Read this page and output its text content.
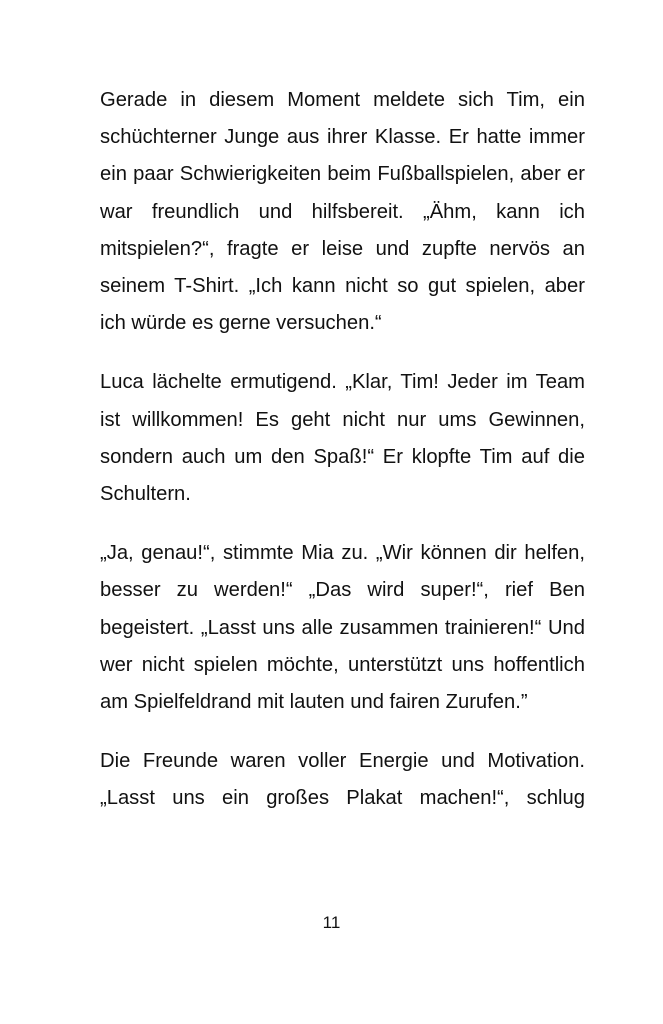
Gerade in diesem Moment meldete sich Tim, ein schüchterner Junge aus ihrer Klasse. Er hatte immer ein paar Schwierigkeiten beim Fußballspielen, aber er war freundlich und hilfsbereit. „Ähm, kann ich mitspielen?“, fragte er leise und zupfte nervös an seinem T-Shirt. „Ich kann nicht so gut spielen, aber ich würde es gerne versuchen.“

Luca lächelte ermutigend. „Klar, Tim! Jeder im Team ist willkommen! Es geht nicht nur ums Gewinnen, sondern auch um den Spaß!“ Er klopfte Tim auf die Schultern.

„Ja, genau!“, stimmte Mia zu. „Wir können dir helfen, besser zu werden!“ „Das wird super!“, rief Ben begeistert. „Lasst uns alle zusammen trainieren!“ Und wer nicht spielen möchte, unterstützt uns hoffentlich am Spielfeldrand mit lauten und fairen Zurufen.”

Die Freunde waren voller Energie und Motivation. „Lasst uns ein großes Plakat machen!“, schlug

11
